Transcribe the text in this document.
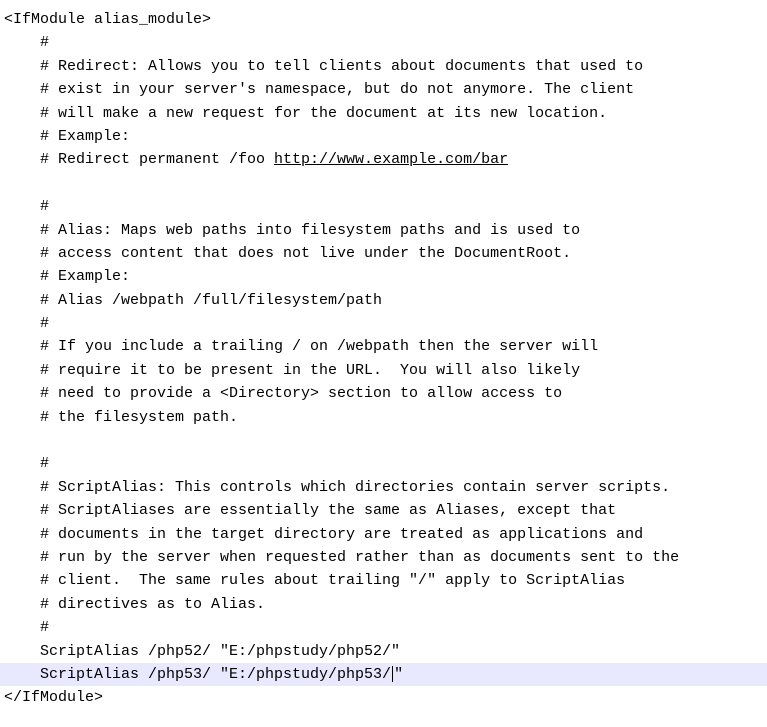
<IfModule alias_module>
#
# Redirect: Allows you to tell clients about documents that used to
# exist in your server's namespace, but do not anymore. The client
# will make a new request for the document at its new location.
# Example:
# Redirect permanent /foo http://www.example.com/bar
#
# Alias: Maps web paths into filesystem paths and is used to
# access content that does not live under the DocumentRoot.
# Example:
# Alias /webpath /full/filesystem/path
#
# If you include a trailing / on /webpath then the server will
# require it to be present in the URL.  You will also likely
# need to provide a <Directory> section to allow access to
# the filesystem path.
#
# ScriptAlias: This controls which directories contain server scripts.
# ScriptAliases are essentially the same as Aliases, except that
# documents in the target directory are treated as applications and
# run by the server when requested rather than as documents sent to the
# client.  The same rules about trailing "/" apply to ScriptAlias
# directives as to Alias.
#
ScriptAlias /php52/ "E:/phpstudy/php52/"
ScriptAlias /php53/ "E:/phpstudy/php53/ "
</IfModule>
